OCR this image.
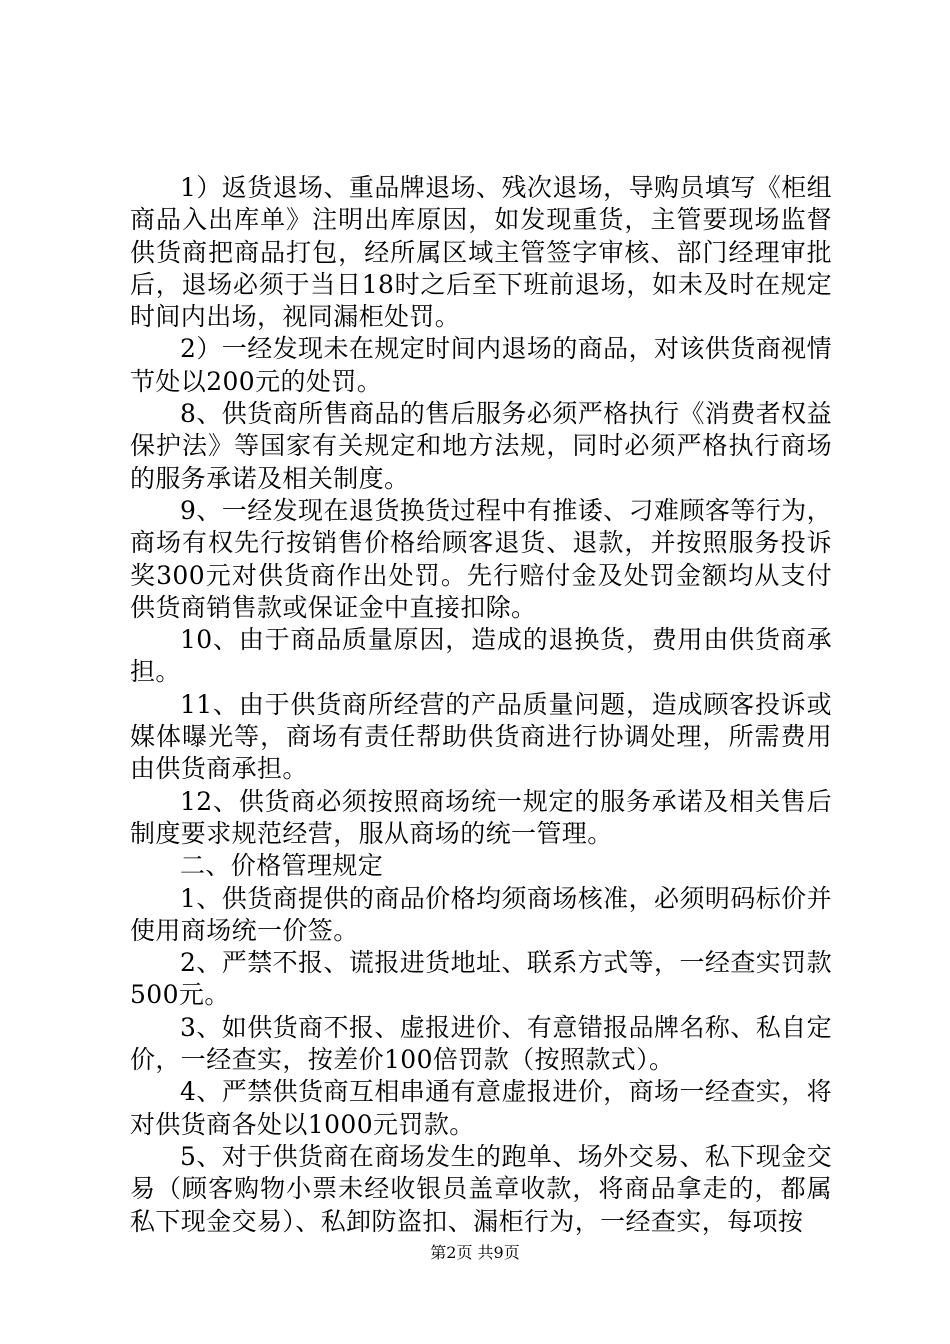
1）返货退场、重品牌退场、残次退场，导购员填写《柜组商品入出库单》注明出库原因，如发现重货，主管要现场监督供货商把商品打包，经所属区域主管签字审核、部门经理审批后，退场必须于当日18时之后至下班前退场，如未及时在规定时间内出场，视同漏柜处罚。

2）一经发现未在规定时间内退场的商品，对该供货商视情节处以200元的处罚。

8、供货商所售商品的售后服务必须严格执行《消费者权益保护法》等国家有关规定和地方法规，同时必须严格执行商场的服务承诺及相关制度。

9、一经发现在退货换货过程中有推诿、刁难顾客等行为，商场有权先行按销售价格给顾客退货、退款，并按照服务投诉奖300元对供货商作出处罚。先行赔付金及处罚金额均从支付供货商销售款或保证金中直接扣除。

10、由于商品质量原因，造成的退换货，费用由供货商承担。

11、由于供货商所经营的产品质量问题，造成顾客投诉或媒体曝光等，商场有责任帮助供货商进行协调处理，所需费用由供货商承担。

12、供货商必须按照商场统一规定的服务承诺及相关售后制度要求规范经营，服从商场的统一管理。

二、价格管理规定

1、供货商提供的商品价格均须商场核准，必须明码标价并使用商场统一价签。

2、严禁不报、谎报进货地址、联系方式等，一经查实罚款500元。

3、如供货商不报、虚报进价、有意错报品牌名称、私自定价，一经查实，按差价100倍罚款（按照款式）。

4、严禁供货商互相串通有意虚报进价，商场一经查实，将对供货商各处以1000元罚款。

5、对于供货商在商场发生的跑单、场外交易、私下现金交易（顾客购物小票未经收银员盖章收款，将商品拿走的，都属私下现金交易）、私卸防盗扣、漏柜行为，一经查实，每项按

第2页 共9页
